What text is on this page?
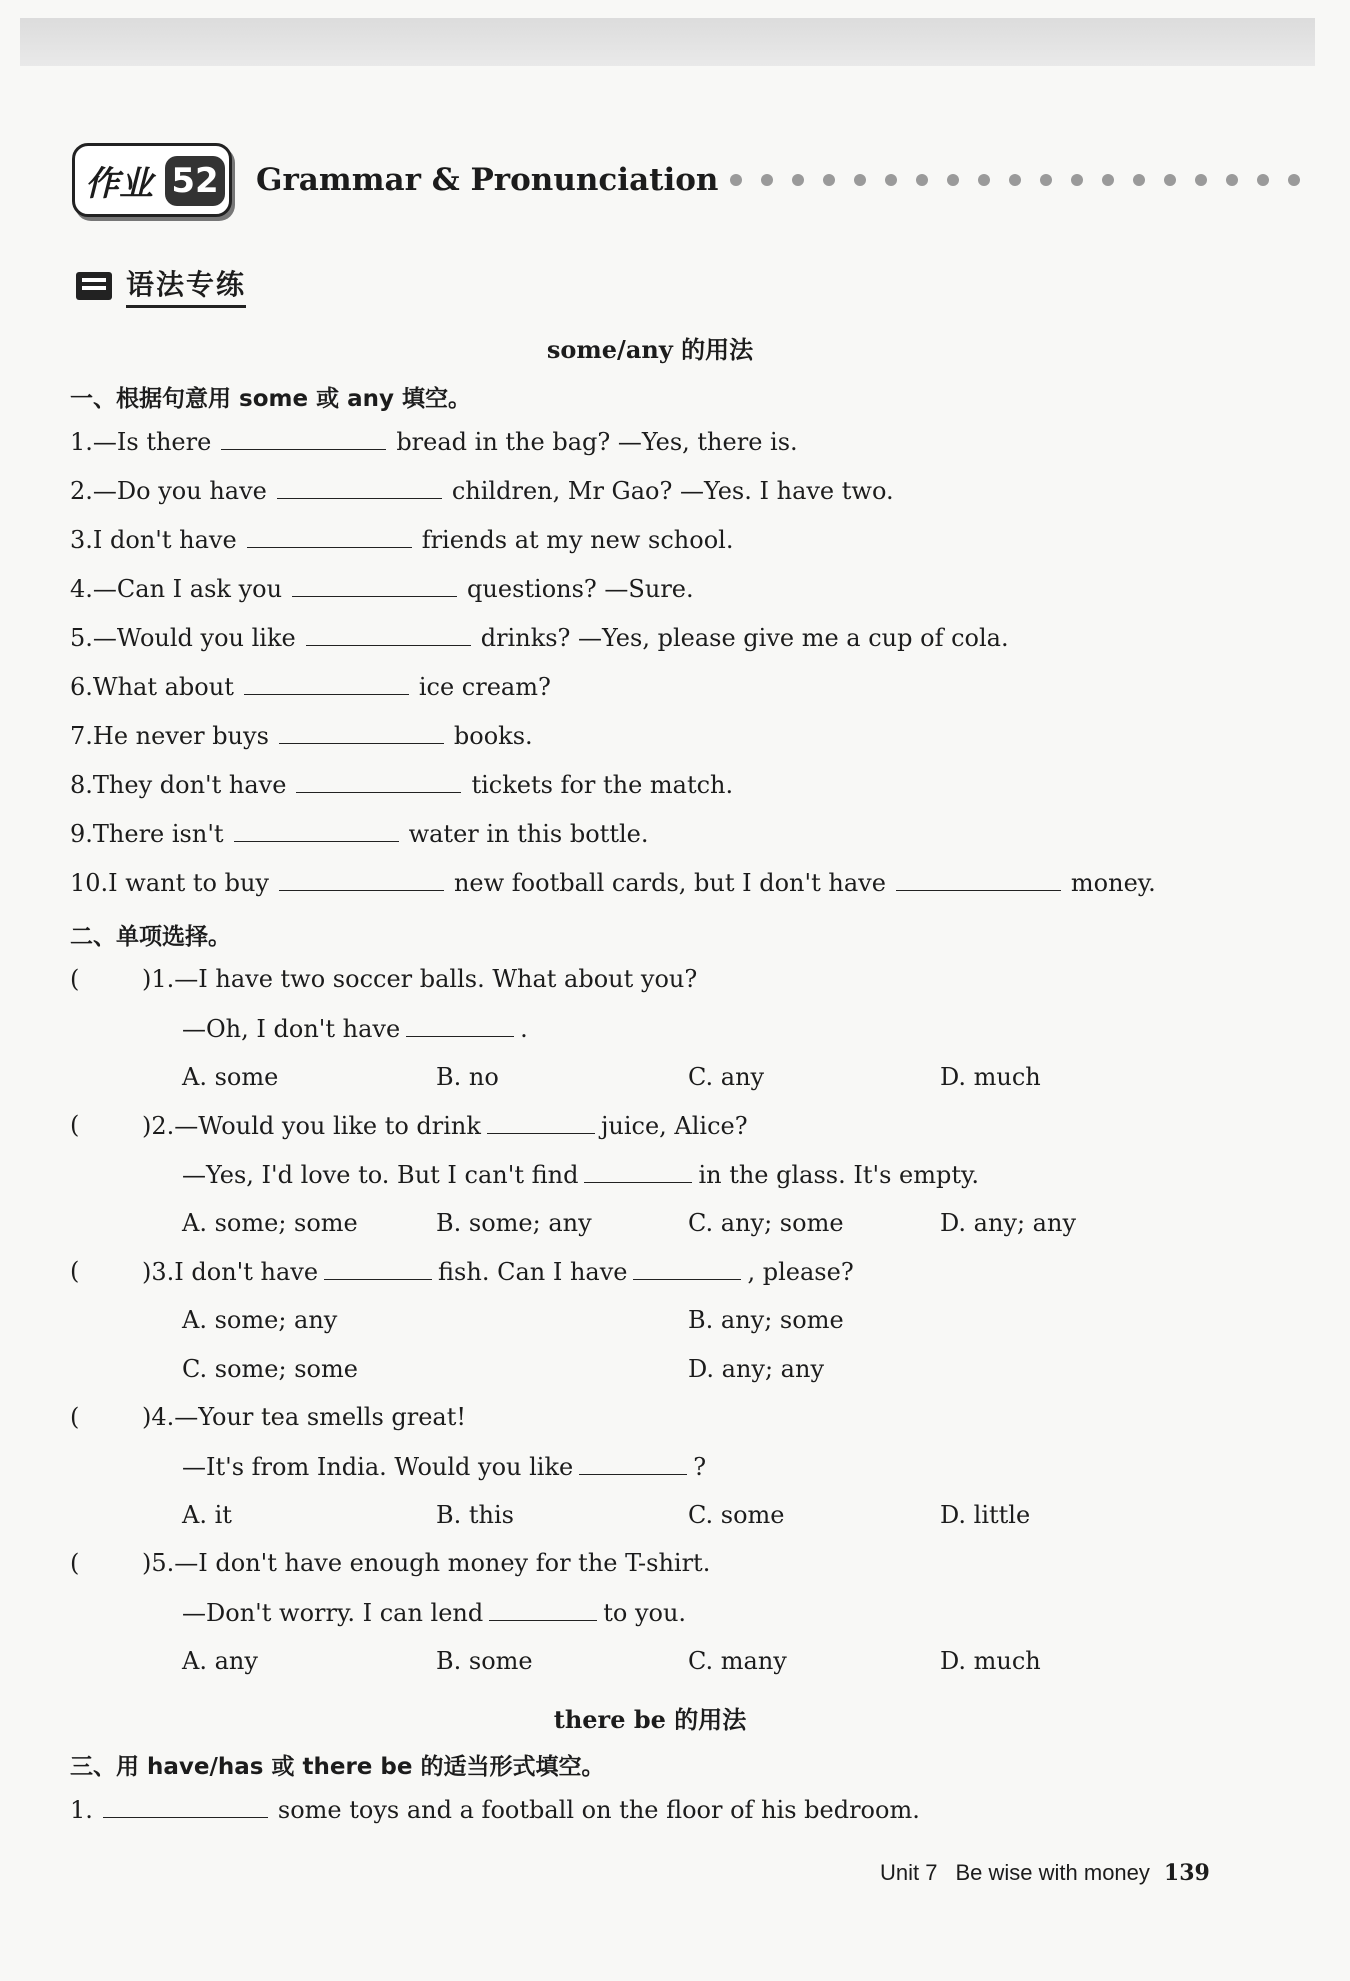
作业 52 Grammar & Pronunciation
语法专练
some/any 的用法
一、根据句意用 some 或 any 填空。
1.—Is there	bread in the bag? —Yes, there is.
2.—Do you have	children, Mr Gao? —Yes. I have two.
3.I don't have	friends at my new school.
4.—Can I ask you	questions? —Sure.
5.—Would you like	drinks? —Yes, please give me a cup of cola.
6.What about	ice cream?
7.He never buys	books.
8.They don't have	tickets for the match.
9.There isn't	water in this bottle.
10.I want to buy	new football cards, but I don't have	money.
二、单项选择。
(	)1.—I have two soccer balls. What about you?
—Oh, I don't have	.
A. some	B. no	C. any	D. much
(	)2.—Would you like to drink	juice, Alice?
—Yes, I'd love to. But I can't find	in the glass. It's empty.
A. some; some	B. some; any	C. any; some	D. any; any
(	)3.I don't have	fish. Can I have	, please?
A. some; any	B. any; some
C. some; some	D. any; any
(	)4.—Your tea smells great!
—It's from India. Would you like	?
A. it	B. this	C. some	D. little
(	)5.—I don't have enough money for the T-shirt.
—Don't worry. I can lend	to you.
A. any	B. some	C. many	D. much
there be 的用法
三、用 have/has 或 there be 的适当形式填空。
1.	some toys and a football on the floor of his bedroom.
Unit 7 Be wise with money 139
